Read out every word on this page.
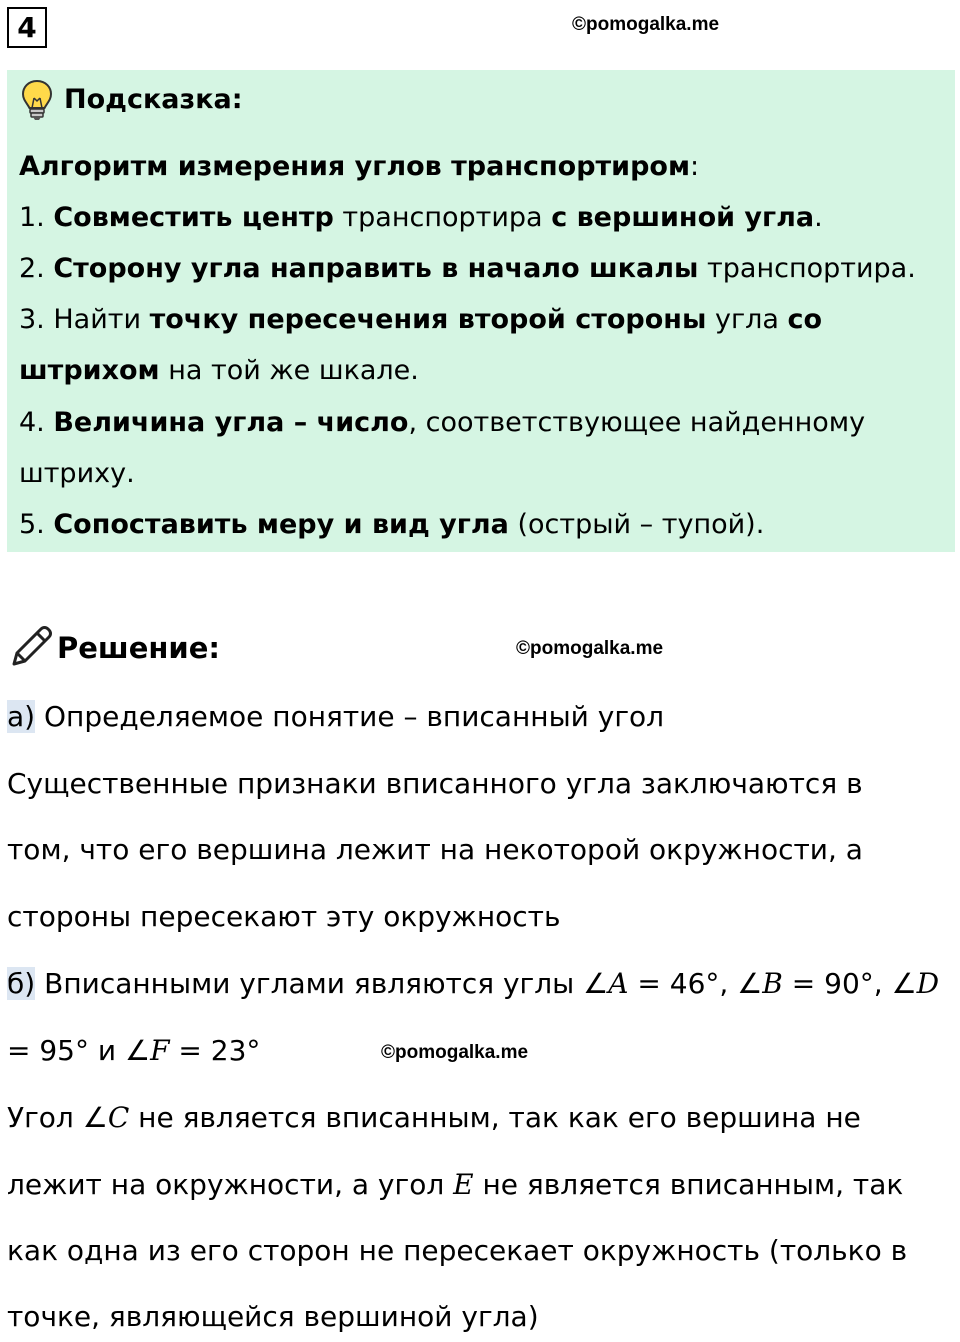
4	©pomogalka.me
Подсказка:
Алгоритм измерения углов транспортиром:
1. Совместить центр транспортира с вершиной угла.
2. Сторону угла направить в начало шкалы транспортира.
3. Найти точку пересечения второй стороны угла со
штрихом на той же шкале.
4. Величина угла – число, соответствующее найденному
штриху.
5. Сопоставить меру и вид угла (острый – тупой).
Решение:	©pomogalka.me
а) Определяемое понятие – вписанный угол
Существенные признаки вписанного угла заключаются в
том, что его вершина лежит на некоторой окружности, а
стороны пересекают эту окружность
б) Вписанными углами являются углы ∠A = 46°, ∠B = 90°, ∠D
= 95° и ∠F = 23°	©pomogalka.me
Угол ∠C не является вписанным, так как его вершина не
лежит на окружности, а угол E не является вписанным, так
как одна из его сторон не пересекает окружность (только в
точке, являющейся вершиной угла)
